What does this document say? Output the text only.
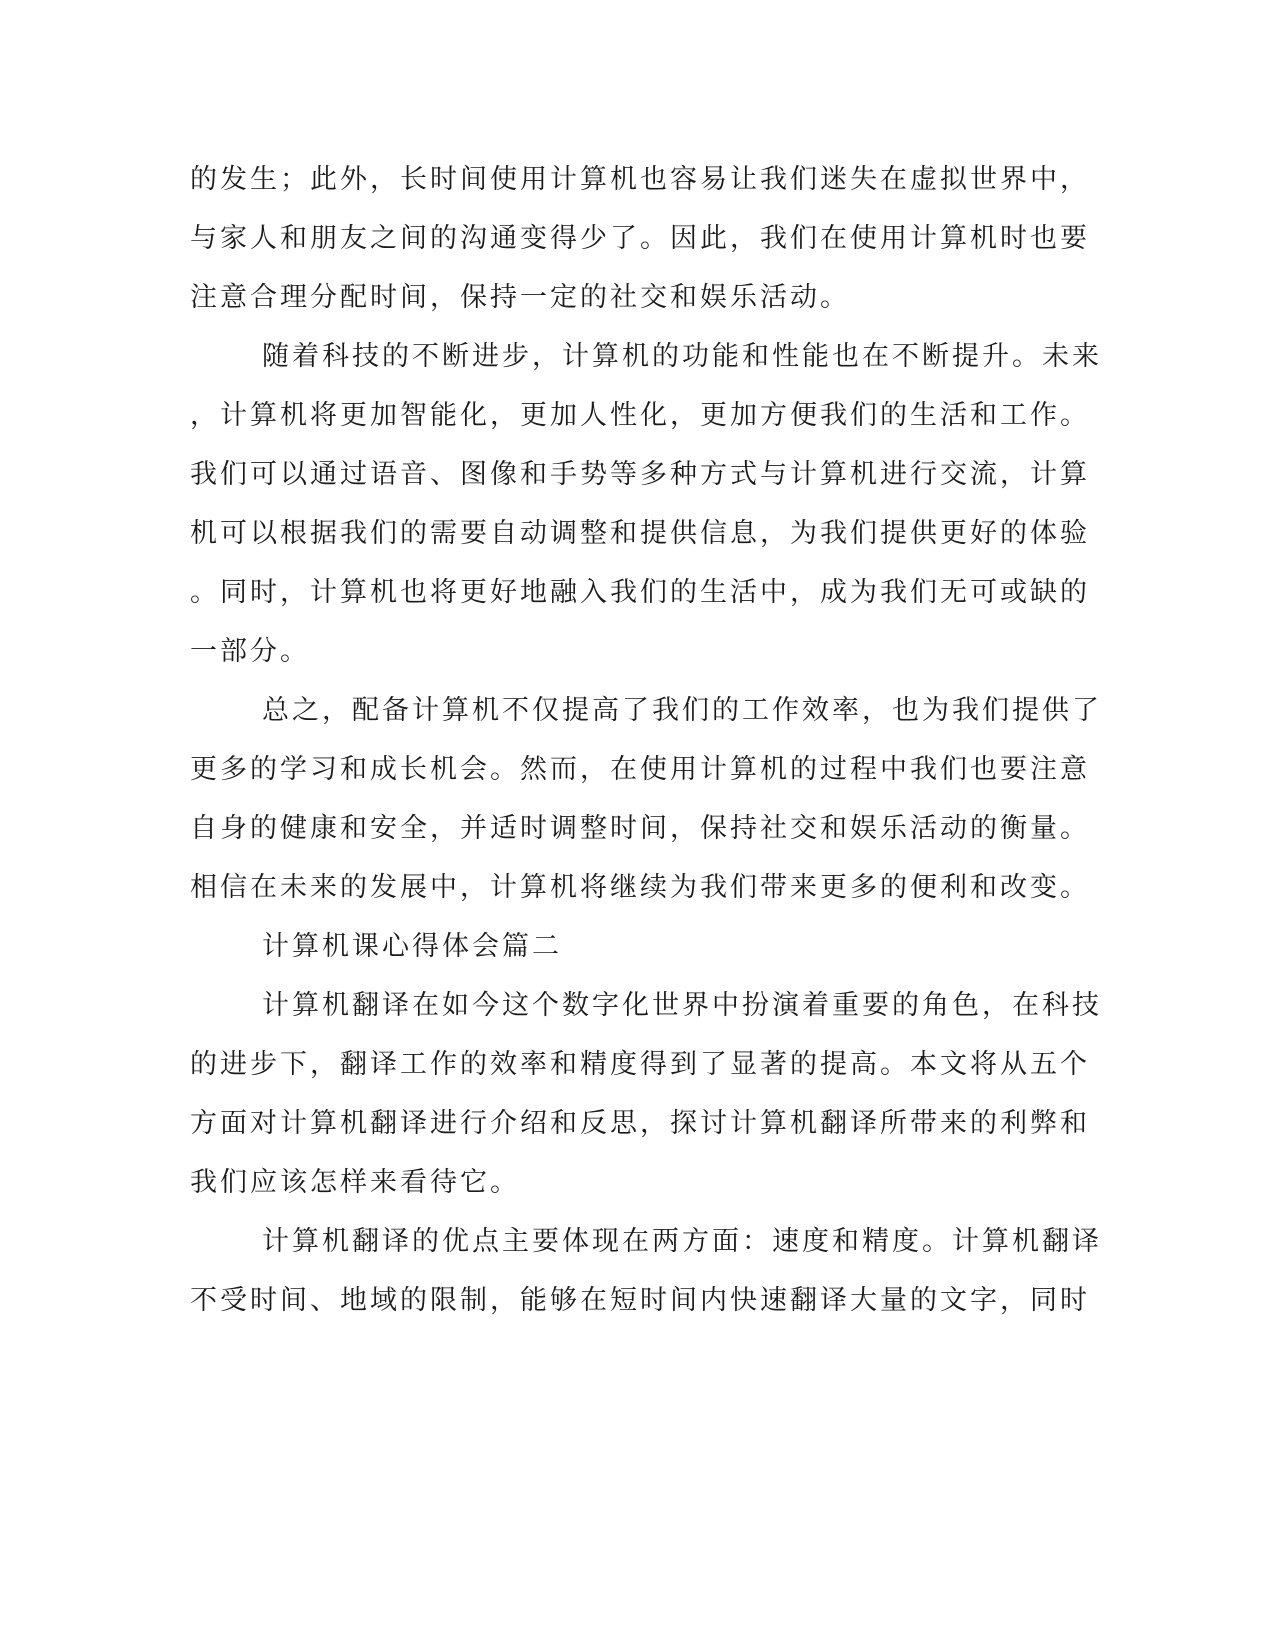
的发生；此外，长时间使用计算机也容易让我们迷失在虚拟世界中，
与家人和朋友之间的沟通变得少了。因此，我们在使用计算机时也要
注意合理分配时间，保持一定的社交和娱乐活动。
随着科技的不断进步，计算机的功能和性能也在不断提升。未来
，计算机将更加智能化，更加人性化，更加方便我们的生活和工作。
我们可以通过语音、图像和手势等多种方式与计算机进行交流，计算
机可以根据我们的需要自动调整和提供信息，为我们提供更好的体验
。同时，计算机也将更好地融入我们的生活中，成为我们无可或缺的
一部分。
总之，配备计算机不仅提高了我们的工作效率，也为我们提供了
更多的学习和成长机会。然而，在使用计算机的过程中我们也要注意
自身的健康和安全，并适时调整时间，保持社交和娱乐活动的衡量。
相信在未来的发展中，计算机将继续为我们带来更多的便利和改变。
计算机课心得体会篇二
计算机翻译在如今这个数字化世界中扮演着重要的角色，在科技
的进步下，翻译工作的效率和精度得到了显著的提高。本文将从五个
方面对计算机翻译进行介绍和反思，探讨计算机翻译所带来的利弊和
我们应该怎样来看待它。
计算机翻译的优点主要体现在两方面：速度和精度。计算机翻译
不受时间、地域的限制，能够在短时间内快速翻译大量的文字，同时
